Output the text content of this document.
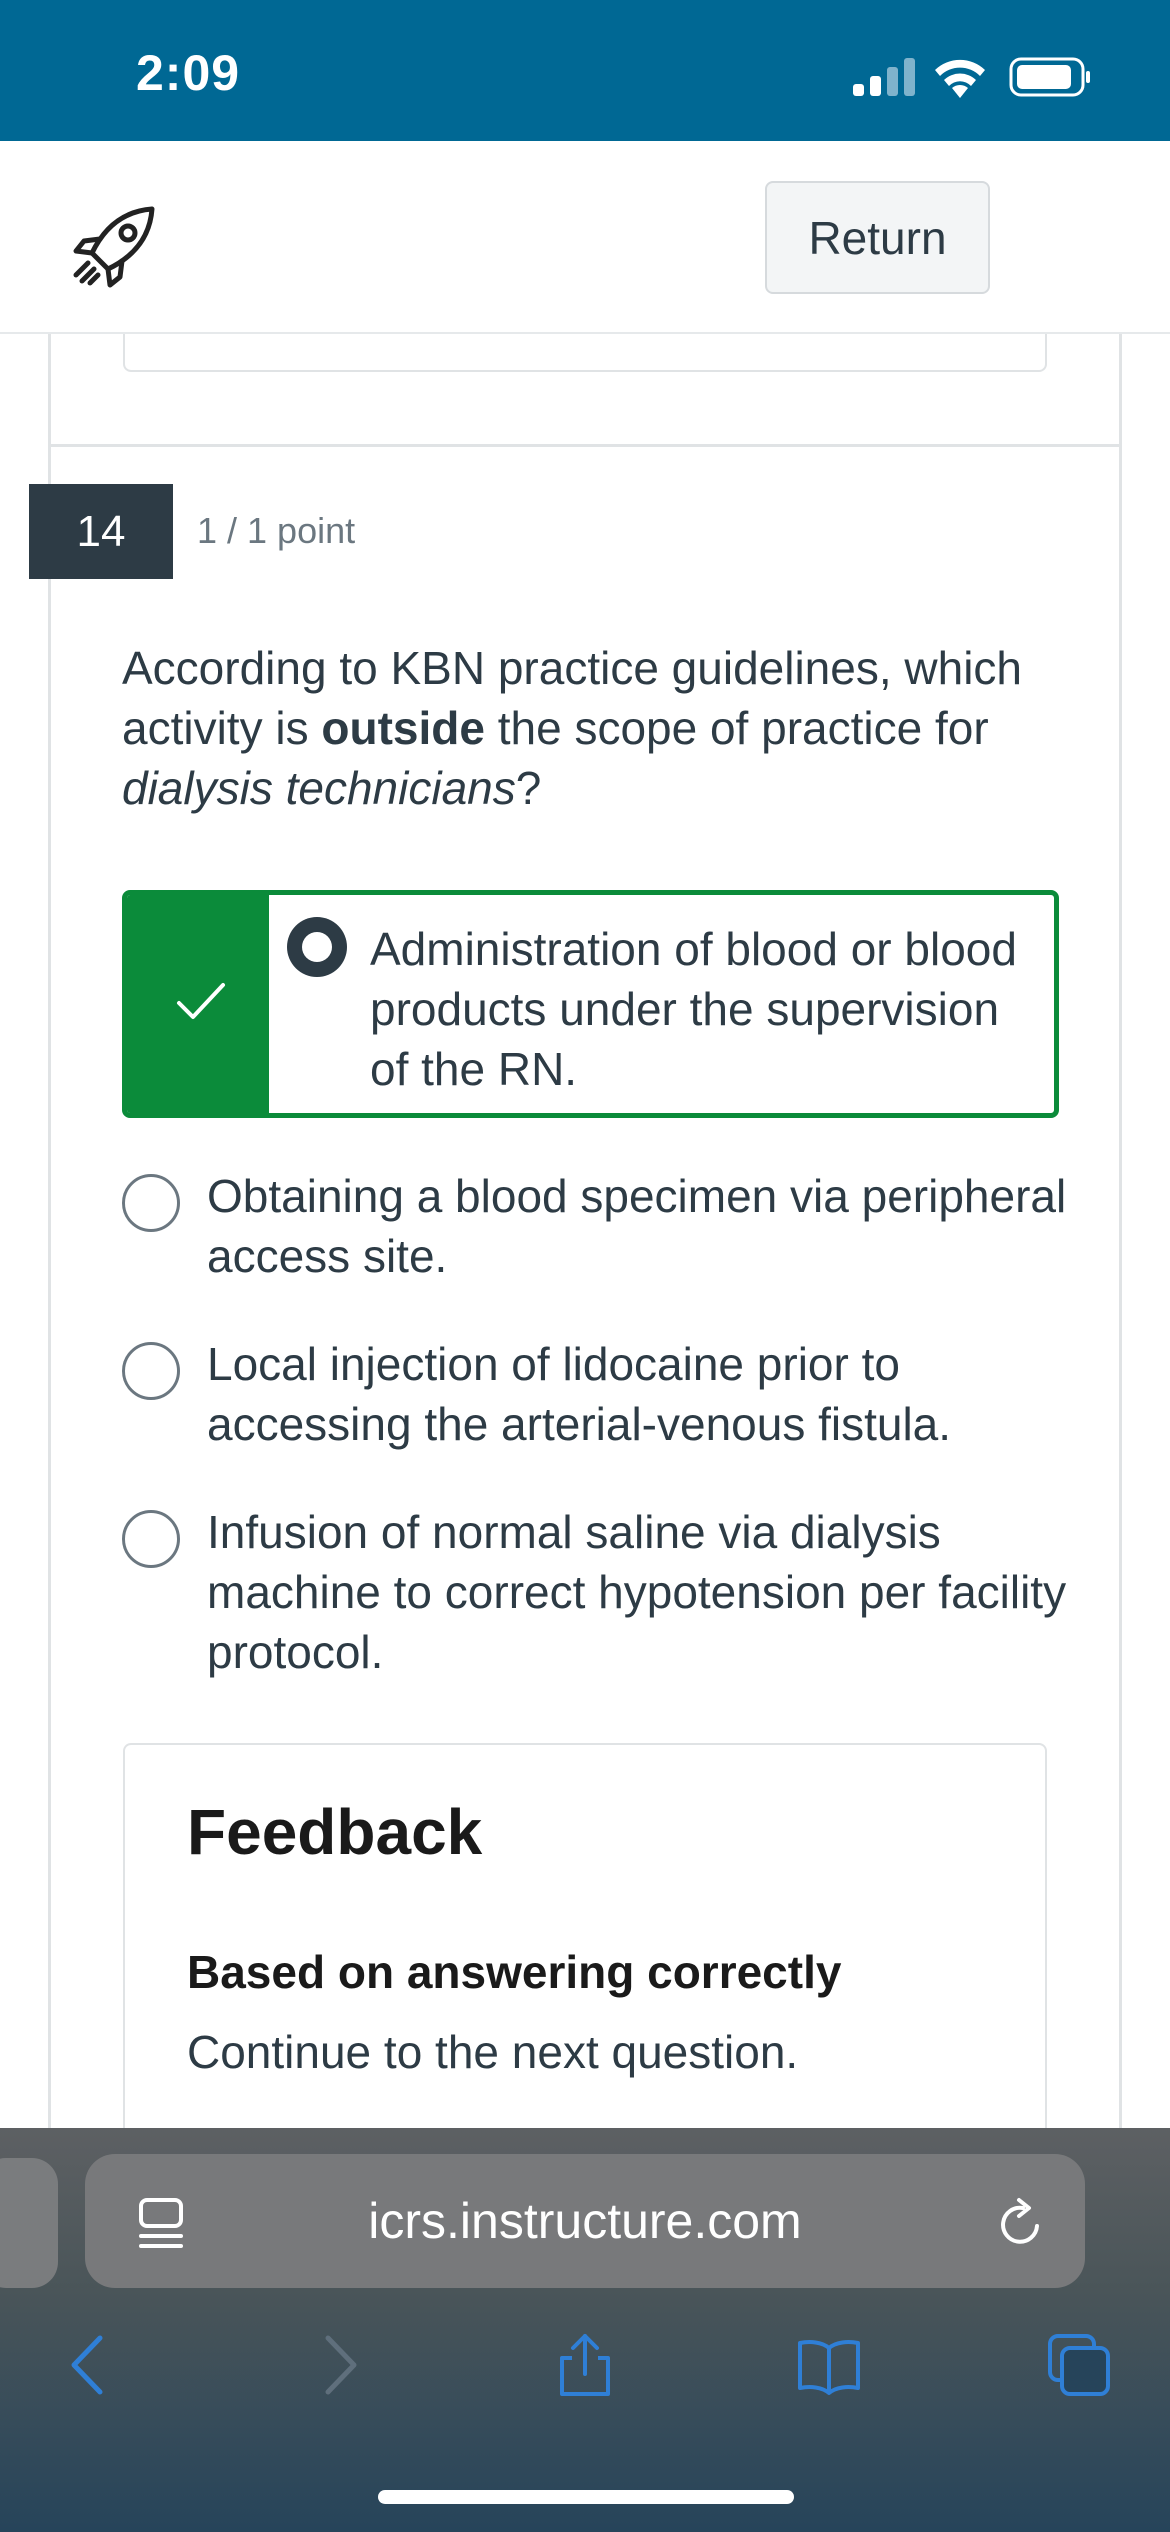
2:09
Return
14	1 / 1 point
According to KBN practice guidelines, which activity is outside the scope of practice for dialysis technicians?
Administration of blood or blood products under the supervision of the RN.
Obtaining a blood specimen via peripheral access site.
Local injection of lidocaine prior to accessing the arterial-venous fistula.
Infusion of normal saline via dialysis machine to correct hypotension per facility protocol.
Feedback
Based on answering correctly
Continue to the next question.
icrs.instructure.com
